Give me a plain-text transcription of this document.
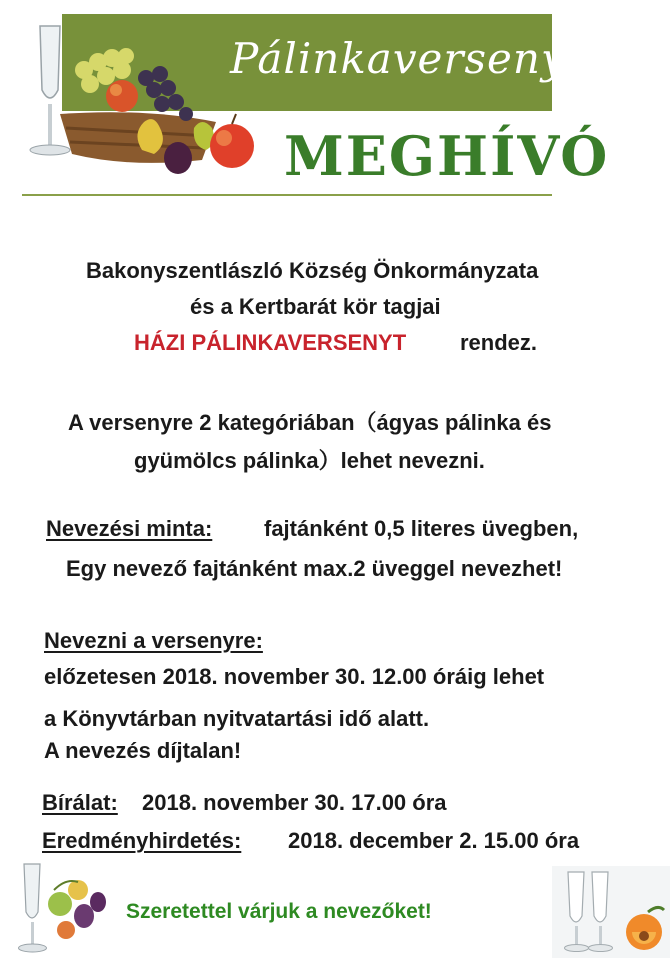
Pálinkaverseny
MEGHÍVÓ
Bakonyszentlászló Község Önkormányzata
és a Kertbarát kör tagjai
HÁZI PÁLINKAVERSENYT rendez.
A versenyre 2 kategóriában（ágyas pálinka és
gyümölcs pálinka）lehet nevezni.
Nevezési minta: fajtánként 0,5 literes üvegben,
Egy nevező fajtánként max.2 üveggel nevezhet!
Nevezni a versenyre:
előzetesen 2018. november 30. 12.00 óráig lehet
a Könyvtárban nyitvatartási idő alatt.
A nevezés díjtalan!
Bírálat: 2018. november 30. 17.00 óra
Eredményhirdetés: 2018. december 2. 15.00 óra
Szeretettel várjuk a nevezőket!
